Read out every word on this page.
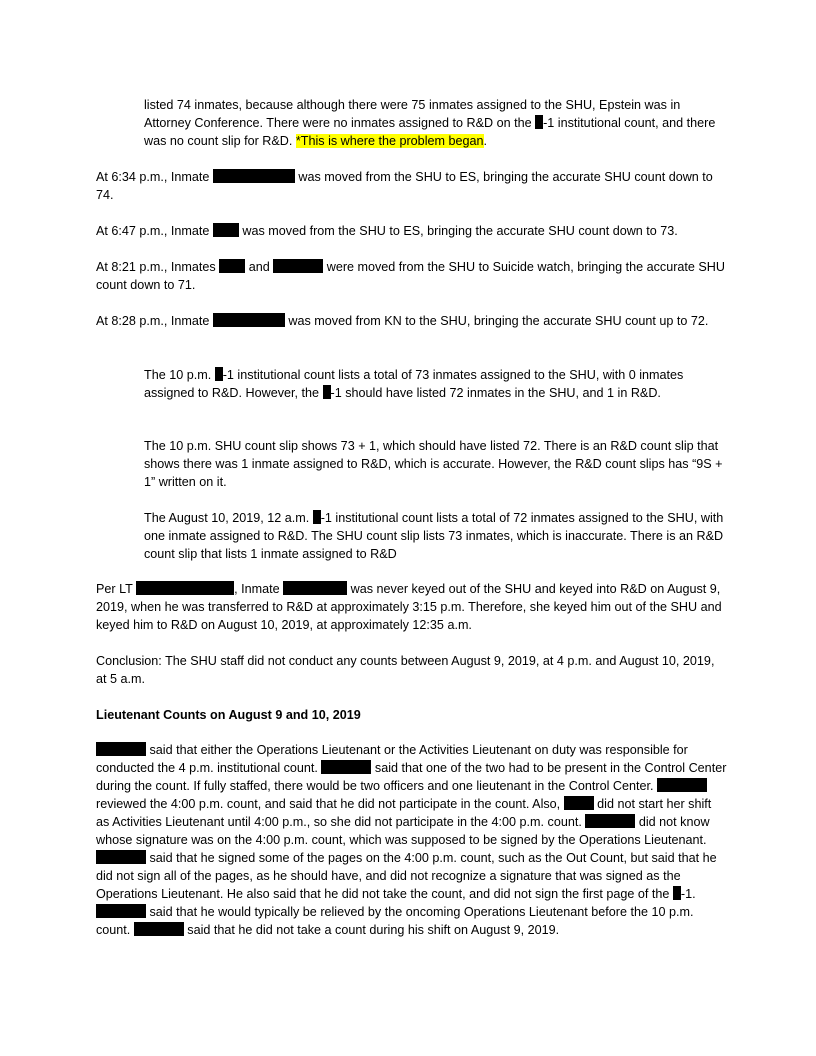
listed 74 inmates, because although there were 75 inmates assigned to the SHU, Epstein was in Attorney Conference. There were no inmates assigned to R&D on the -1 institutional count, and there was no count slip for R&D. *This is where the problem began.

At 6:34 p.m., Inmate	was moved from the SHU to ES, bringing the accurate SHU count down to 74.

At 6:47 p.m., Inmate  was moved from the SHU to ES, bringing the accurate SHU count down to 73.

At 8:21 p.m., Inmates  and	were moved from the SHU to Suicide watch, bringing the accurate SHU count down to 71.

At 8:28 p.m., Inmate	was moved from KN to the SHU, bringing the accurate SHU count up to 72.

The 10 p.m. -1 institutional count lists a total of 73 inmates assigned to the SHU, with 0 inmates assigned to R&D. However, the -1 should have listed 72 inmates in the SHU, and 1 in R&D.

The 10 p.m. SHU count slip shows 73 + 1, which should have listed 72. There is an R&D count slip that shows there was 1 inmate assigned to R&D, which is accurate. However, the R&D count slips has “9S + 1” written on it.

The August 10, 2019, 12 a.m. -1 institutional count lists a total of 72 inmates assigned to the SHU, with one inmate assigned to R&D. The SHU count slip lists 73 inmates, which is inaccurate. There is an R&D count slip that lists 1 inmate assigned to R&D

Per LT	, Inmate	was never keyed out of the SHU and keyed into R&D on August 9, 2019, when he was transferred to R&D at approximately 3:15 p.m. Therefore, she keyed him out of the SHU and keyed him to R&D on August 10, 2019, at approximately 12:35 a.m.

Conclusion: The SHU staff did not conduct any counts between August 9, 2019, at 4 p.m. and August 10, 2019, at 5 a.m.

Lieutenant Counts on August 9 and 10, 2019

said that either the Operations Lieutenant or the Activities Lieutenant on duty was responsible for conducted the 4 p.m. institutional count.	said that one of the two had to be present in the Control Center during the count. If fully staffed, there would be two officers and one lieutenant in the Control Center.  reviewed the 4:00 p.m. count, and said that he did not participate in the count. Also,  did not start her shift as Activities Lieutenant until 4:00 p.m., so she did not participate in the 4:00 p.m. count.	did not know whose signature was on the 4:00 p.m. count, which was supposed to be signed by the Operations Lieutenant.  said that he signed some of the pages on the 4:00 p.m. count, such as the Out Count, but said that he did not sign all of the pages, as he should have, and did not recognize a signature that was signed as the Operations Lieutenant. He also said that he did not take the count, and did not sign the first page of the -1.  said that he would typically be relieved by the oncoming Operations Lieutenant before the 10 p.m. count.	said that he did not take a count during his shift on August 9, 2019.
